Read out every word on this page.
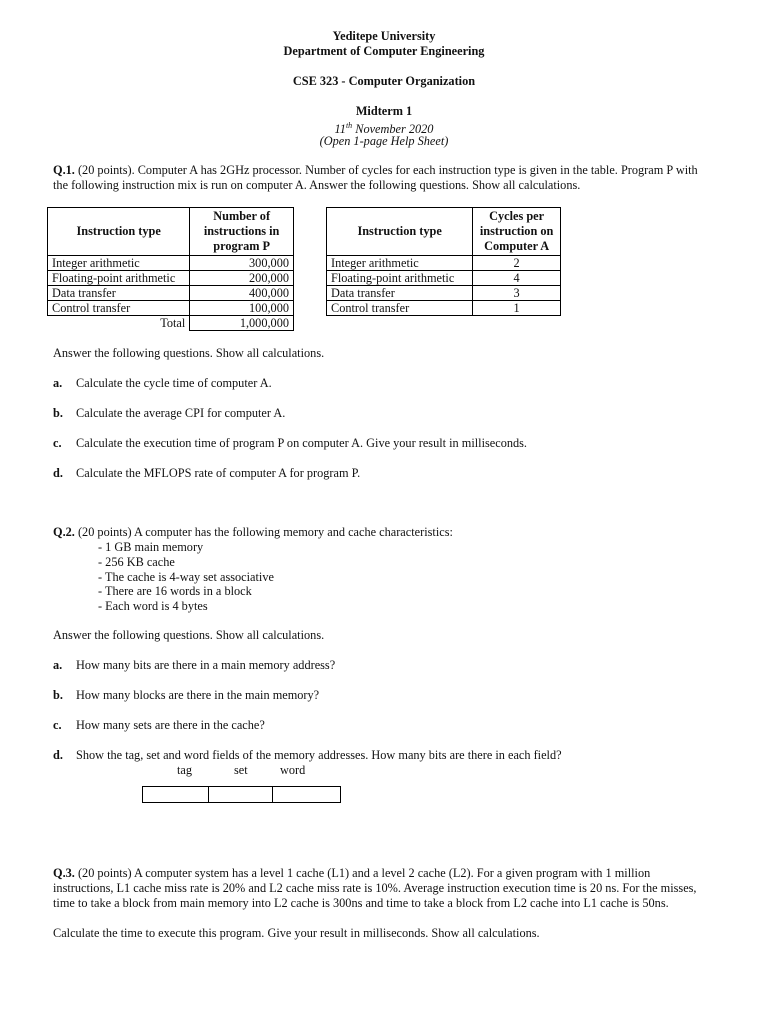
Yeditepe University
Department of Computer Engineering
CSE 323 - Computer Organization
Midterm 1
11th November 2020
(Open 1-page Help Sheet)
Q.1. (20 points). Computer A has 2GHz processor. Number of cycles for each instruction type is given in the table. Program P with the following instruction mix is run on computer A. Answer the following questions. Show all calculations.
Instruction type	Number of instructions in program P
Integer arithmetic	300,000
Floating-point arithmetic	200,000
Data transfer	400,000
Control transfer	100,000
Total	1,000,000
Instruction type	Cycles per instruction on Computer A
Integer arithmetic	2
Floating-point arithmetic	4
Data transfer	3
Control transfer	1
Answer the following questions. Show all calculations.
a. Calculate the cycle time of computer A.
b. Calculate the average CPI for computer A.
c. Calculate the execution time of program P on computer A. Give your result in milliseconds.
d. Calculate the MFLOPS rate of computer A for program P.
Q.2. (20 points) A computer has the following memory and cache characteristics:
- 1 GB main memory
- 256 KB cache
- The cache is 4-way set associative
- There are 16 words in a block
- Each word is 4 bytes
Answer the following questions. Show all calculations.
a. How many bits are there in a main memory address?
b. How many blocks are there in the main memory?
c. How many sets are there in the cache?
d. Show the tag, set and word fields of the memory addresses. How many bits are there in each field?
tag	set	word
Q.3. (20 points) A computer system has a level 1 cache (L1) and a level 2 cache (L2). For a given program with 1 million instructions, L1 cache miss rate is 20% and L2 cache miss rate is 10%. Average instruction execution time is 20 ns. For the misses, time to take a block from main memory into L2 cache is 300ns and time to take a block from L2 cache into L1 cache is 50ns.
Calculate the time to execute this program. Give your result in milliseconds. Show all calculations.
